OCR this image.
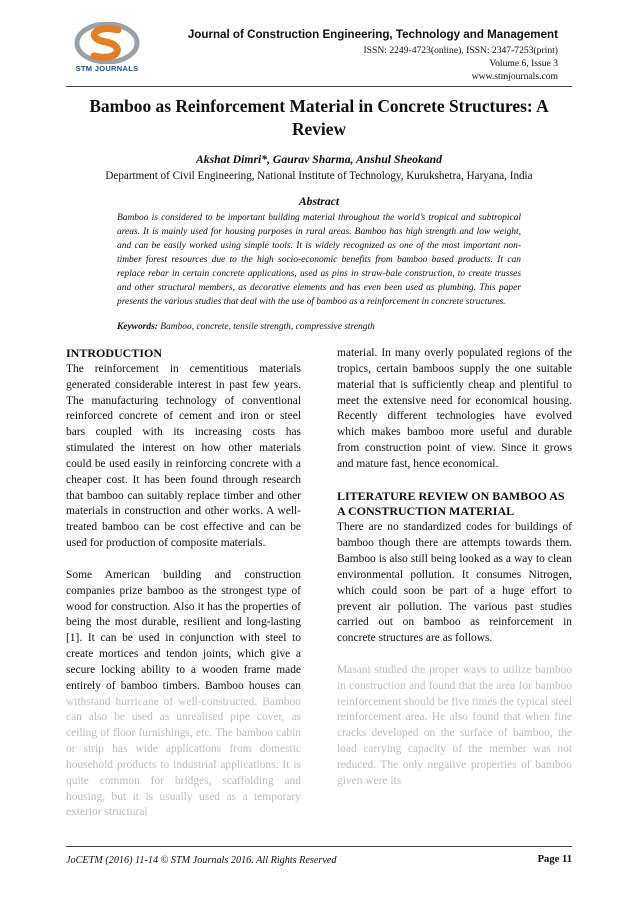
STM JOURNALS
Journal of Construction Engineering, Technology and Management
ISSN: 2249-4723(online), ISSN: 2347-7253(print)
Volume 6, Issue 3
www.stmjournals.com
Bamboo as Reinforcement Material in Concrete Structures: A Review
Akshat Dimri*, Gaurav Sharma, Anshul Sheokand
Department of Civil Engineering, National Institute of Technology, Kurukshetra, Haryana, India
Abstract

Bamboo is considered to be important building material throughout the world’s tropical and subtropical areas. It is mainly used for housing purposes in rural areas. Bamboo has high strength and low weight, and can be easily worked using simple tools. It is widely recognized as one of the most important non-timber forest resources due to the high socio-economic benefits from bamboo based products. It can replace rebar in certain concrete applications, used as pins in straw-bale construction, to create trusses and other structural members, as decorative elements and has even been used as plumbing. This paper presents the various studies that deal with the use of bamboo as a reinforcement in concrete structures.

Keywords: Bamboo, concrete, tensile strength, compressive strength
INTRODUCTION

The reinforcement in cementitious materials generated considerable interest in past few years. The manufacturing technology of conventional reinforced concrete of cement and iron or steel bars coupled with its increasing costs has stimulated the interest on how other materials could be used easily in reinforcing concrete with a cheaper cost. It has been found through research that bamboo can suitably replace timber and other materials in construction and other works. A well-treated bamboo can be cost effective and can be used for production of composite materials.

Some American building and construction companies prize bamboo as the strongest type of wood for construction. Also it has the properties of being the most durable, resilient and long-lasting [1]. It can be used in conjunction with steel to create mortices and tendon joints, which give a secure locking ability to a wooden frame made entirely of bamboo timbers. Bamboo houses can withstand hurricane of well-constructed. Bamboo can also be used as unrealised pipe cover, as ceiling of floor furnishings, etc. The bamboo cabin or strip has wide applications from domestic household products to industrial applications. It is quite common for bridges, scaffolding and housing, but it is usually used as a temporary exterior structural

material. In many overly populated regions of the tropics, certain bamboos supply the one suitable material that is sufficiently cheap and plentiful to meet the extensive need for economical housing. Recently different technologies have evolved which makes bamboo more useful and durable from construction point of view. Since it grows and mature fast, hence economical.

LITERATURE REVIEW ON BAMBOO AS A CONSTRUCTION MATERIAL

There are no standardized codes for buildings of bamboo though there are attempts towards them. Bamboo is also still being looked as a way to clean environmental pollution. It consumes Nitrogen, which could soon be part of a huge effort to prevent air pollution. The various past studies carried out on bamboo as reinforcement in concrete structures are as follows.

Masani studied the proper ways to utilize bamboo in construction and found that the area for bamboo reinforcement should be five times the typical steel reinforcement area. He also found that when fine cracks developed on the surface of bamboo, the load carrying capacity of the member was not reduced. The only negative properties of bamboo given were its

JoCETM (2016) 11-14 © STM Journals 2016. All Rights Reserved	Page 11
